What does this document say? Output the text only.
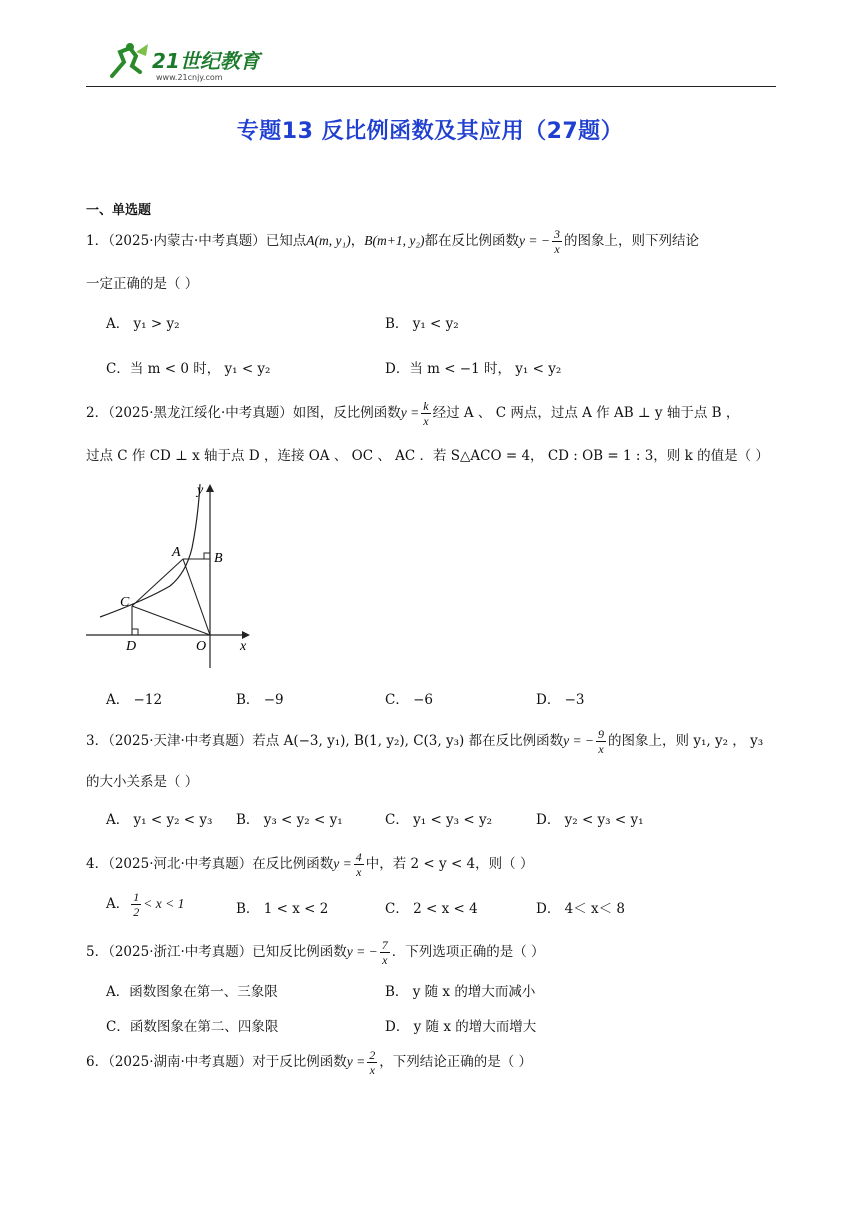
21世纪教育
www.21cnjy.com
专题13 反比例函数及其应用（27题）
一、单选题
1．（2025·内蒙古·中考真题）已知点A(m, y₁)，B(m+1, y₂)都在反比例函数y = − $\frac{3}{x}$ 的图象上，则下列结论
一定正确的是（ ）
A． y₁ > y₂	B． y₁ < y₂
C．当 m < 0 时， y₁ < y₂	D．当 m < −1 时， y₁ < y₂
2．（2025·黑龙江绥化·中考真题）如图，反比例函数$y = \frac{k}{x}$ 经过 A 、 C 两点，过点 A 作 AB ⊥ y 轴于点 B ，
过点 C 作 CD ⊥ x 轴于点 D ，连接 OA 、 OC 、 AC ．若 S△ACO = 4， CD : OB = 1 : 3，则 k 的值是（ ）
y
x
A B
C
D	O
A． −12	B． −9	C． −6	D． −3
3．（2025·天津·中考真题）若点 A(−3, y₁), B(1, y₂), C(3, y₃) 都在反比例函数y = − $\frac{9}{x}$ 的图象上，则 y₁, y₂ ， y₃
的大小关系是（ ）
A． y₁ < y₂ < y₃ B． y₃ < y₂ < y₁	C． y₁ < y₃ < y₂	D． y₂ < y₃ < y₁
4．（2025·河北·中考真题）在反比例函数$y = \frac{4}{x}$ 中，若 2 < y < 4，则（ ）
A． $\frac{1}{2} < x < 1$	B． 1 < x < 2	C． 2 < x < 4	D． 4＜ x＜ 8
5．（2025·浙江·中考真题）已知反比例函数y = − $\frac{7}{x}$ ．下列选项正确的是（ ）
A．函数图象在第一、三象限	B． y 随 x 的增大而减小
C．函数图象在第二、四象限	D． y 随 x 的增大而增大
6．（2025·湖南·中考真题）对于反比例函数$y = \frac{2}{x}$ ，下列结论正确的是（ ）
